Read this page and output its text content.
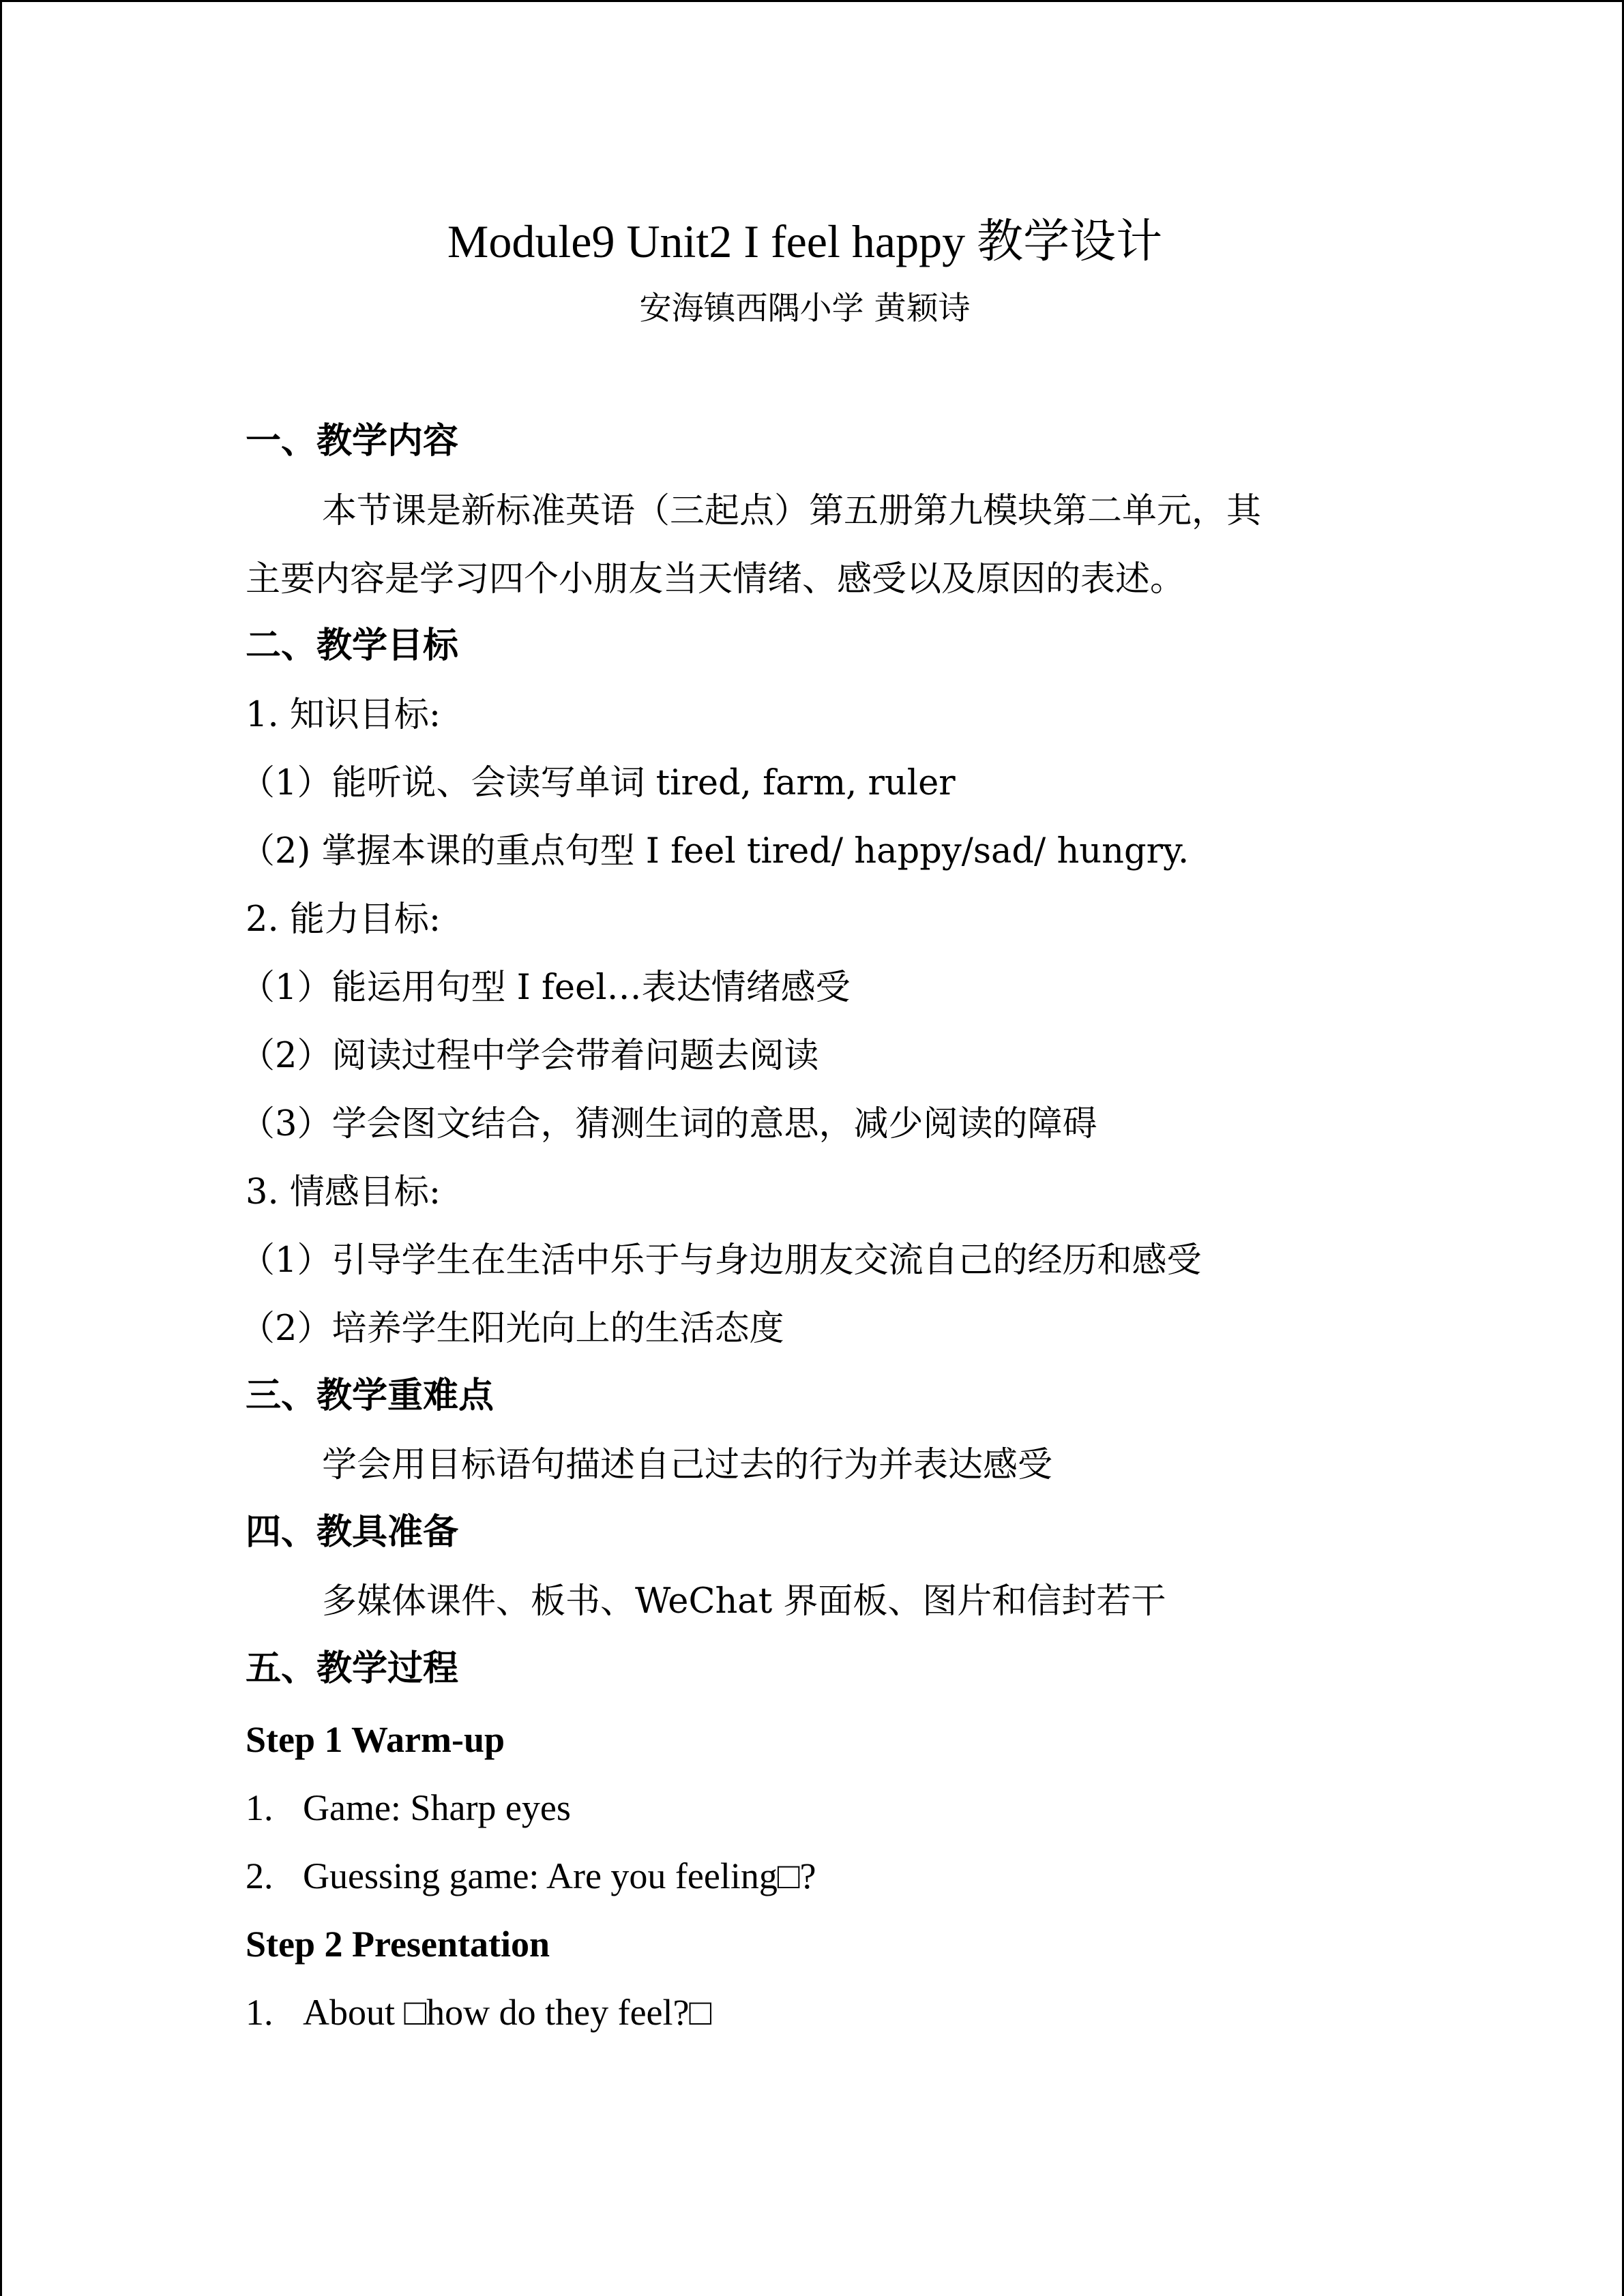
Module9 Unit2 I feel happy 教学设计
安海镇西隅小学 黄颖诗
一、教学内容
本节课是新标准英语（三起点）第五册第九模块第二单元，其
主要内容是学习四个小朋友当天情绪、感受以及原因的表述。
二、教学目标
1. 知识目标:
（1）能听说、会读写单词 tired, farm, ruler
（2) 掌握本课的重点句型 I feel tired/ happy/sad/ hungry.
2. 能力目标:
（1）能运用句型 I feel…表达情绪感受
（2）阅读过程中学会带着问题去阅读
（3）学会图文结合，猜测生词的意思，减少阅读的障碍
3. 情感目标:
（1）引导学生在生活中乐于与身边朋友交流自己的经历和感受
（2）培养学生阳光向上的生活态度
三、教学重难点
学会用目标语句描述自己过去的行为并表达感受
四、教具准备
多媒体课件、板书、WeChat 界面板、图片和信封若干
五、教学过程
Step 1 Warm-up
1. Game: Sharp eyes
2. Guessing game: Are you feeling□?
Step 2 Presentation
1. About □how do they feel?□
